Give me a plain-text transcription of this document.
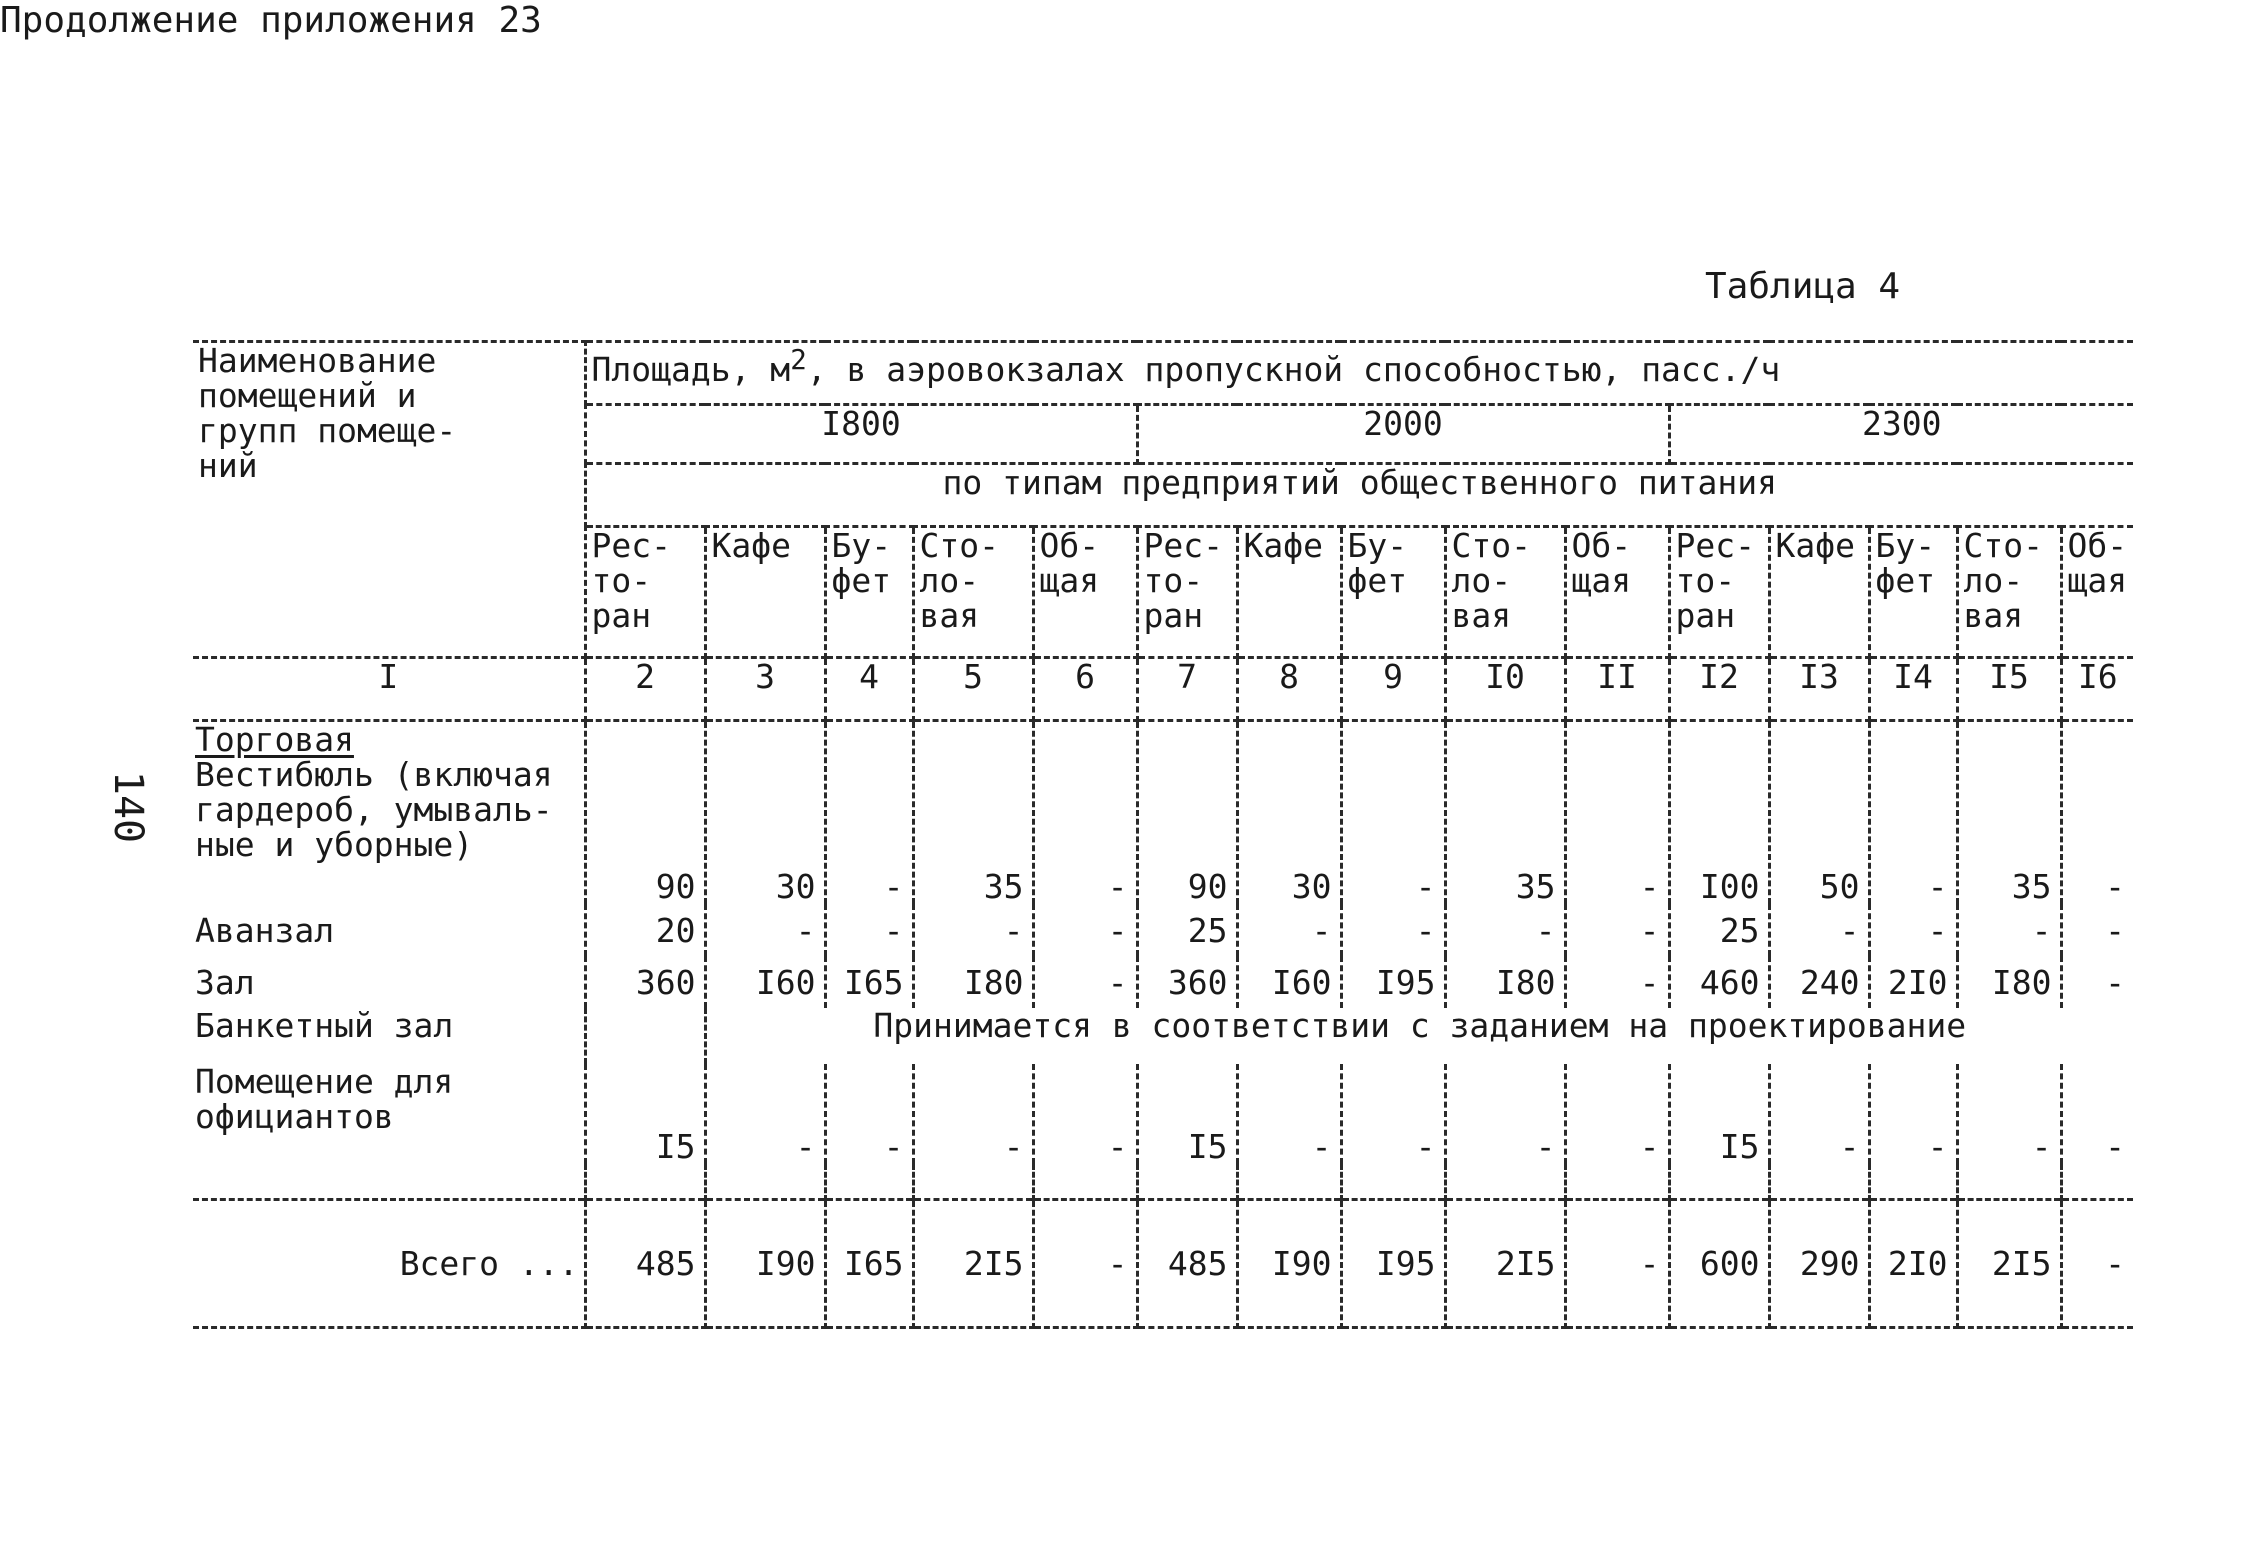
Продолжение приложения 23
Таблица 4
140
Наименование
помещений и
групп помеще-
ний	Площадь, $м^2$, в аэровокзалах пропускной способностью, пасс./ч														
	I800					2000					2300				
	по типам предприятий общественного питания														

	Рес-
то-
ран	Кафе	Бу-
фет	Сто-
ло-
вая	Об-
щая	Рес-
то-
ран	Кафе	Бу-
фет	Сто-
ло-
вая	Об-
щая	Рес-
то-
ран	Кафе	Бу-
фет	Сто-
ло-
вая	Об-
щая

I	2	3	4	5	6	7	8	9	I0	II	I2	I3	I4	I5	I6

Торговая
Вестибюль (включая
гардероб, умываль-
ные и уборные)	90	30	-	35	-	90	30	-	35	-	I00	50	-	35	-
Аванзал	20	-	-	-	-	25	-	-	-	-	25	-	-	-	-
Зал	360	I60	I65	I80	-	360	I60	I95	I80	-	460	240	2I0	I80	-
Банкетный зал		Принимается в соответствии с заданием на проектирование													

Помещение для
официантов	I5	-	-	-	-	I5	-	-	-	-	I5	-	-	-	-

Всего ...	485	I90	I65	2I5	-	485	I90	I95	2I5	-	600	290	2I0	2I5	-
